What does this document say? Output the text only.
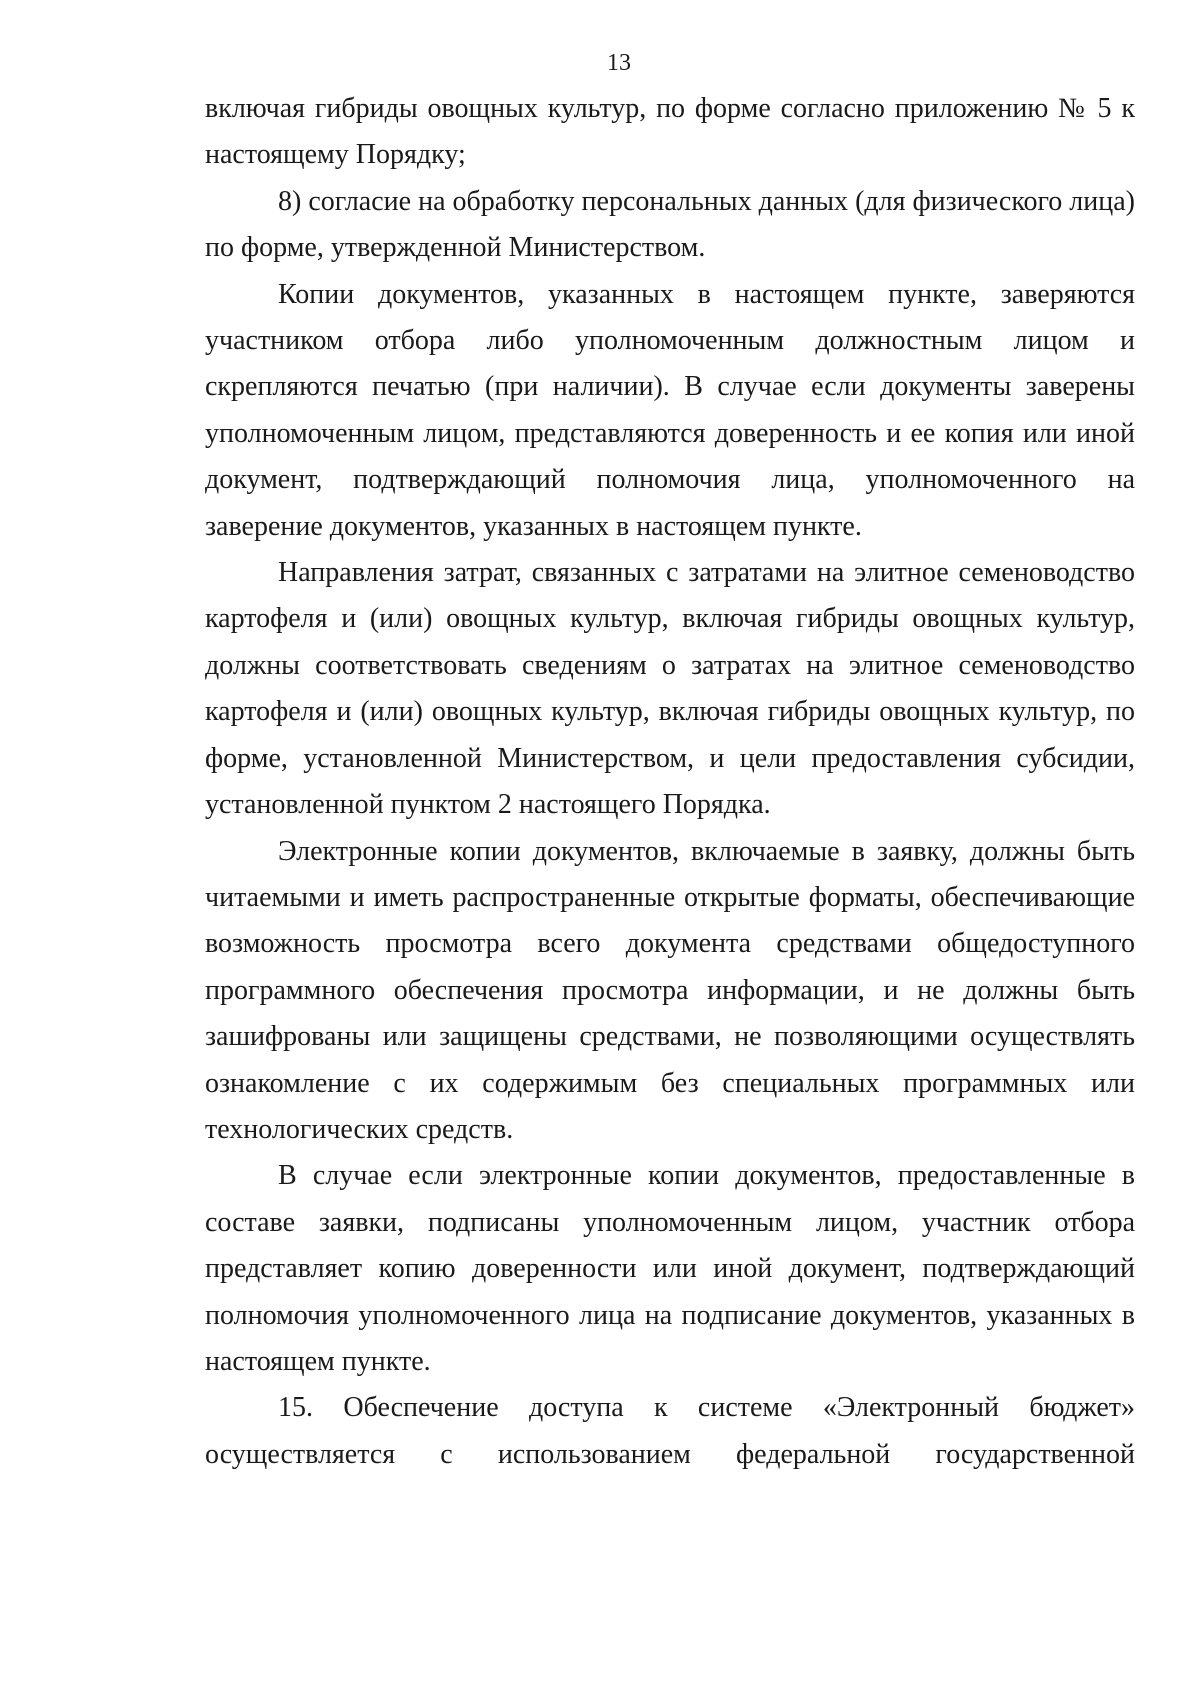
13

включая гибриды овощных культур, по форме согласно приложению № 5 к настоящему Порядку;

8) согласие на обработку персональных данных (для физического лица) по форме, утвержденной Министерством.

Копии документов, указанных в настоящем пункте, заверяются участником отбора либо уполномоченным должностным лицом и скрепляются печатью (при наличии). В случае если документы заверены уполномоченным лицом, представляются доверенность и ее копия или иной документ, подтверждающий полномочия лица, уполномоченного на заверение документов, указанных в настоящем пункте.

Направления затрат, связанных с затратами на элитное семеноводство картофеля и (или) овощных культур, включая гибриды овощных культур, должны соответствовать сведениям о затратах на элитное семеноводство картофеля и (или) овощных культур, включая гибриды овощных культур, по форме, установленной Министерством, и цели предоставления субсидии, установленной пунктом 2 настоящего Порядка.

Электронные копии документов, включаемые в заявку, должны быть читаемыми и иметь распространенные открытые форматы, обеспечивающие возможность просмотра всего документа средствами общедоступного программного обеспечения просмотра информации, и не должны быть зашифрованы или защищены средствами, не позволяющими осуществлять ознакомление с их содержимым без специальных программных или технологических средств.

В случае если электронные копии документов, предоставленные в составе заявки, подписаны уполномоченным лицом, участник отбора представляет копию доверенности или иной документ, подтверждающий полномочия уполномоченного лица на подписание документов, указанных в настоящем пункте.

15. Обеспечение доступа к системе «Электронный бюджет» осуществляется с использованием федеральной государственной
